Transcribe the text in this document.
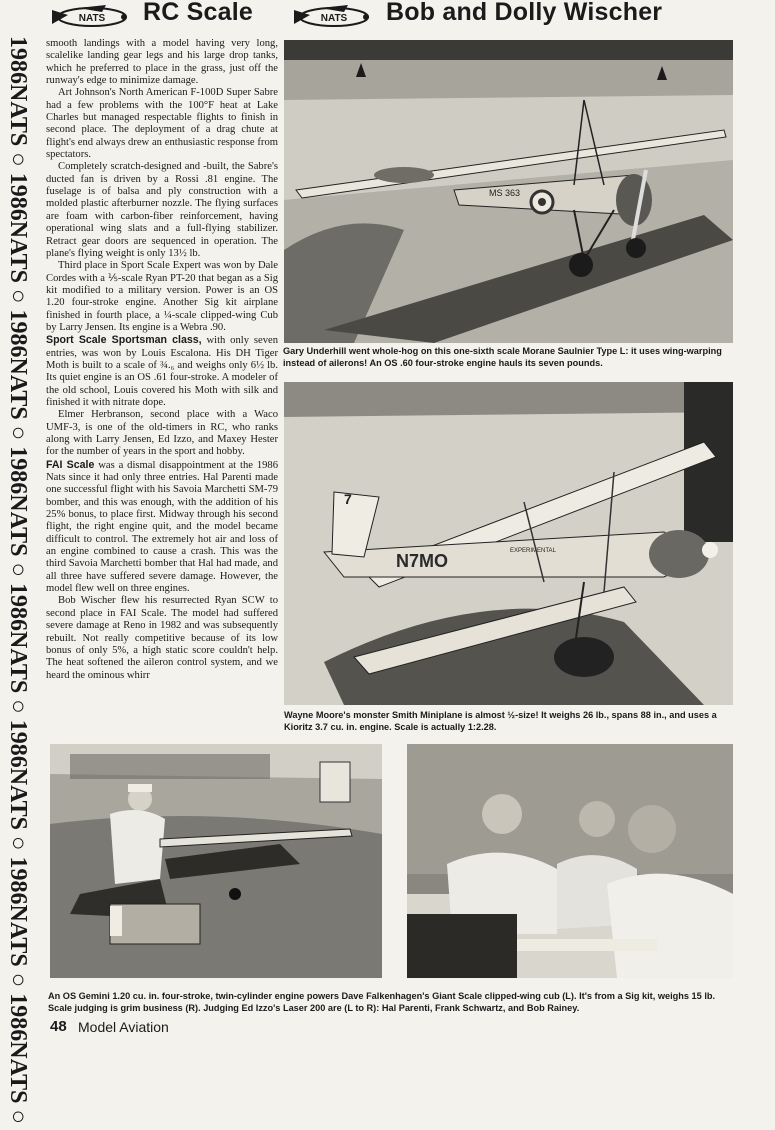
NATS RC Scale	NATS Bob and Dolly Wischer
1986NATS○1986NATS○1986NATS○1986NATS○1986NATS○1986NATS○1986NATS○1986NATS○

smooth landings with a model having very long, scalelike landing gear legs and his large drop tanks, which he preferred to place in the grass, just off the runway's edge to minimize damage.

Art Johnson's North American F-100D Super Sabre had a few problems with the 100°F heat at Lake Charles but managed respectable flights to finish in second place. The deployment of a drag chute at flight's end always drew an enthusiastic response from spectators.

Completely scratch-designed and -built, the Sabre's ducted fan is driven by a Rossi .81 engine. The fuselage is of balsa and ply construction with a molded plastic afterburner nozzle. The flying surfaces are foam with carbon-fiber reinforcement, having operational wing slats and a full-flying stabilizer. Retract gear doors are sequenced in operation. The plane's flying weight is only 13½ lb.

Third place in Sport Scale Expert was won by Dale Cordes with a ⅕-scale Ryan PT-20 that began as a Sig kit modified to a military version. Power is an OS 1.20 four-stroke engine. Another Sig kit airplane finished in fourth place, a ¼-scale clipped-wing Cub by Larry Jensen. Its engine is a Webra .90.

Sport Scale Sportsman class, with only seven entries, was won by Louis Escalona. His DH Tiger Moth is built to a scale of ¾.₆ and weighs only 6½ lb. Its quiet engine is an OS .61 four-stroke. A modeler of the old school, Louis covered his Moth with silk and finished it with nitrate dope.

Elmer Herbranson, second place with a Waco UMF-3, is one of the old-timers in RC, who ranks along with Larry Jensen, Ed Izzo, and Maxey Hester for the number of years in the sport and hobby.

FAI Scale was a dismal disappointment at the 1986 Nats since it had only three entries. Hal Parenti made one successful flight with his Savoia Marchetti SM-79 bomber, and this was enough, with the addition of his 25% bonus, to place first. Midway through his second flight, the right engine quit, and the model became difficult to control. The extremely hot air and loss of an engine combined to cause a crash. This was the third Savoia Marchetti bomber that Hal had made, and all three have suffered severe damage. However, the model flew well on three engines.

Bob Wischer flew his resurrected Ryan SCW to second place in FAI Scale. The model had suffered severe damage at Reno in 1982 and was subsequently rebuilt. Not really competitive because of its low bonus of only 5%, a high static score couldn't help. The heat softened the aileron control system, and we heard the ominous whirr

MS 363
Gary Underhill went whole-hog on this one-sixth scale Morane Saulnier Type L: it uses wing-warping instead of ailerons! An OS .60 four-stroke engine hauls its seven pounds.
7
N7MO	EXPERIMENTAL
Wayne Moore's monster Smith Miniplane is almost ½-size! It weighs 26 lb., spans 88 in., and uses a Kioritz 3.7 cu. in. engine. Scale is actually 1:2.28.
An OS Gemini 1.20 cu. in. four-stroke, twin-cylinder engine powers Dave Falkenhagen's Giant Scale clipped-wing cub (L). It's from a Sig kit, weighs 15 lb. Scale judging is grim business (R). Judging Ed Izzo's Laser 200 are (L to R): Hal Parenti, Frank Schwartz, and Bob Rainey.
48 Model Aviation
